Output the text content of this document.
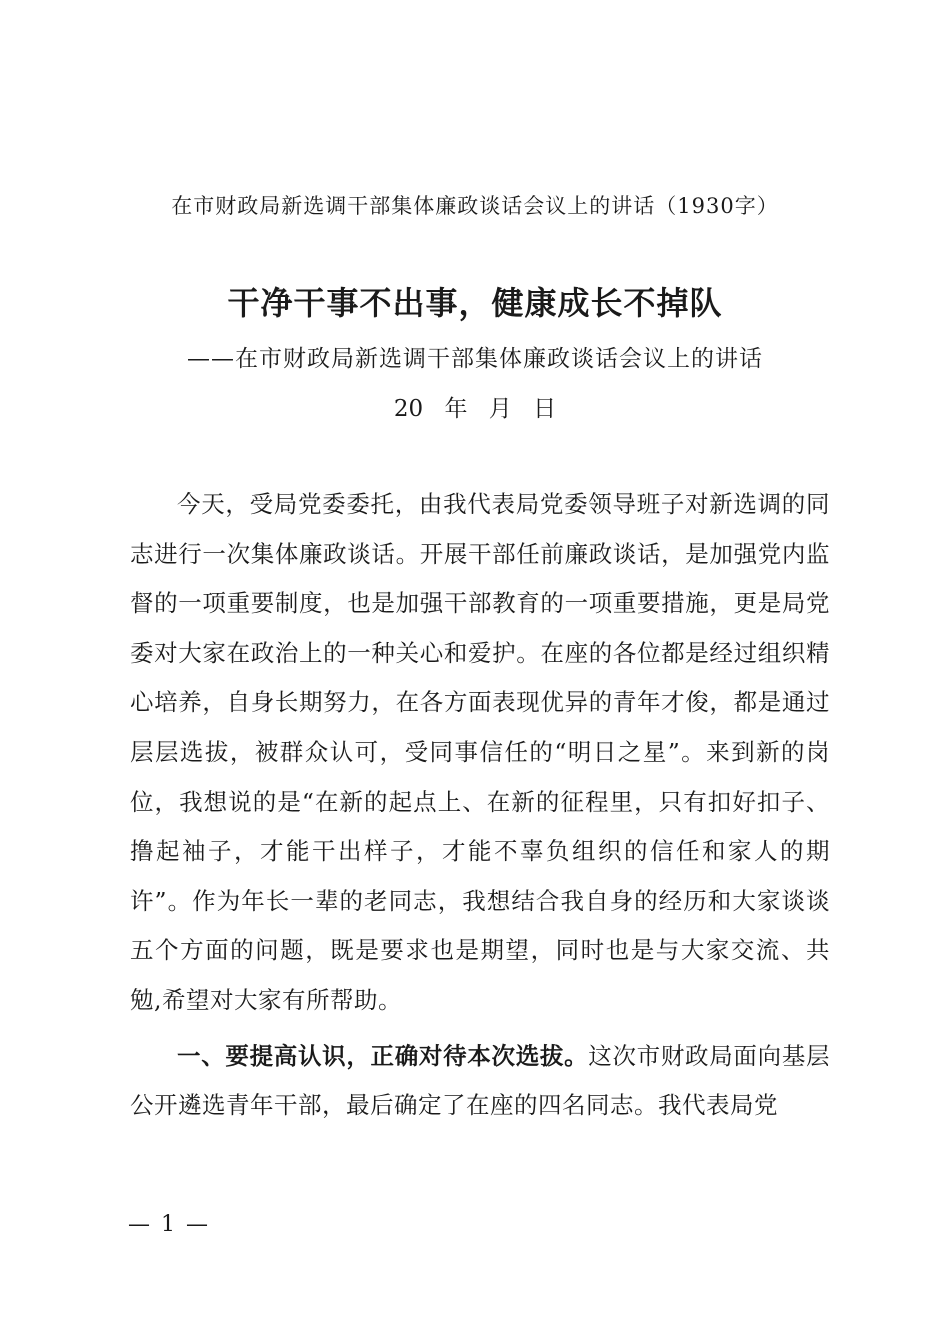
在市财政局新选调干部集体廉政谈话会议上的讲话（1930字）
干净干事不出事，健康成长不掉队
——在市财政局新选调干部集体廉政谈话会议上的讲话
20 年 月 日

今天，受局党委委托，由我代表局党委领导班子对新选调的同志进行一次集体廉政谈话。开展干部任前廉政谈话，是加强党内监督的一项重要制度，也是加强干部教育的一项重要措施，更是局党委对大家在政治上的一种关心和爱护。在座的各位都是经过组织精心培养，自身长期努力，在各方面表现优异的青年才俊，都是通过层层选拔，被群众认可，受同事信任的“明日之星”。来到新的岗位，我想说的是“在新的起点上、在新的征程里，只有扣好扣子、撸起袖子，才能干出样子，才能不辜负组织的信任和家人的期许”。作为年长一辈的老同志，我想结合我自身的经历和大家谈谈五个方面的问题，既是要求也是期望，同时也是与大家交流、共勉,希望对大家有所帮助。

一、要提高认识，正确对待本次选拔。这次市财政局面向基层公开遴选青年干部，最后确定了在座的四名同志。我代表局党

— 1 —
